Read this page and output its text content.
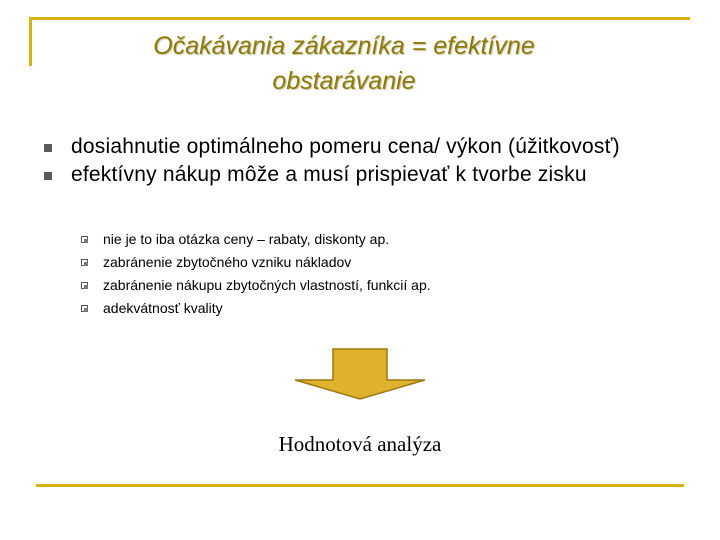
Očakávania zákazníka = efektívne
obstarávanie
dosiahnutie optimálneho pomeru cena/ výkon (úžitkovosť)
efektívny nákup môže a musí prispievať k tvorbe zisku
nie je to iba otázka ceny – rabaty, diskonty ap.
zabránenie zbytočného vzniku nákladov
zabránenie nákupu zbytočných vlastností, funkcií ap.
adekvátnosť kvality
Hodnotová analýza
